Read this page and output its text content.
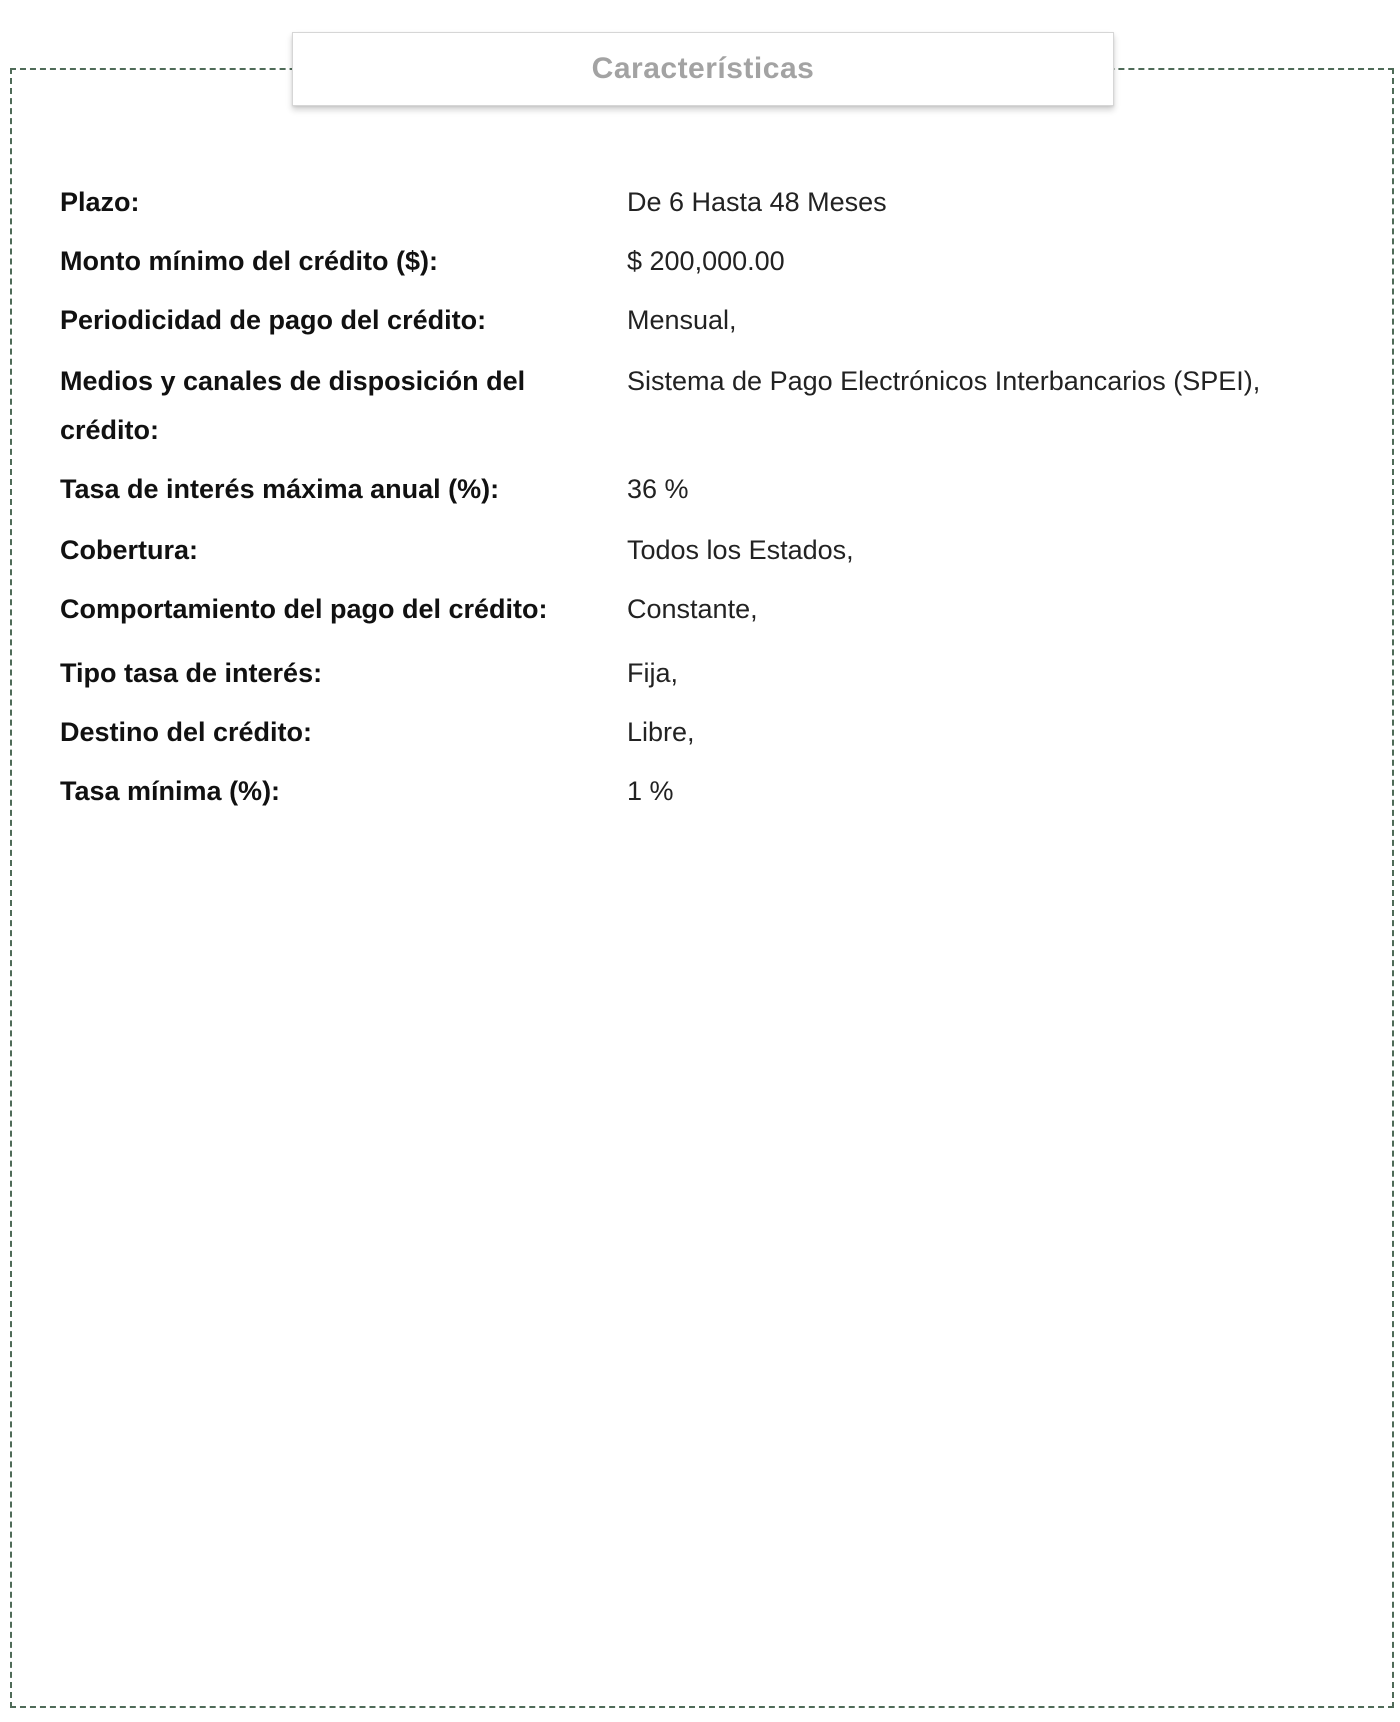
Características
Plazo:	De 6 Hasta 48 Meses
Monto mínimo del crédito ($):	$ 200,000.00
Periodicidad de pago del crédito:	Mensual,
Medios y canales de disposición del crédito:
Sistema de Pago Electrónicos Interbancarios (SPEI),
Tasa de interés máxima anual (%):	36 %
Cobertura:	Todos los Estados,
Comportamiento del pago del crédito:	Constante,
Tipo tasa de interés:	Fija,
Destino del crédito:	Libre,
Tasa mínima (%):	1 %
